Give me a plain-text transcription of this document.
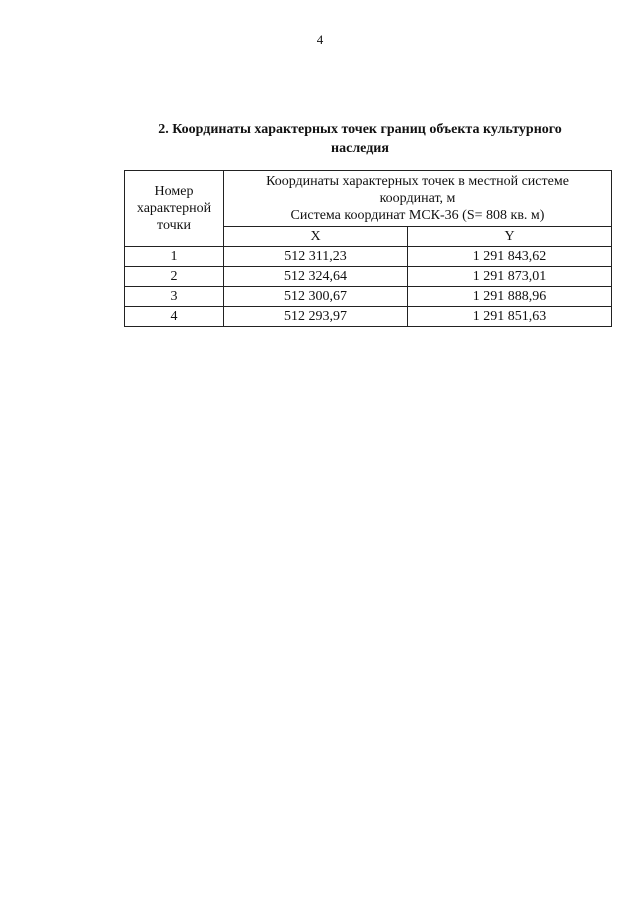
4
2. Координаты характерных точек границ объекта культурного
наследия
Номер
характерной
точки	Координаты характерных точек в местной системе
координат, м
Система координат МСК-36 (S= 808 кв. м)	

	X	Y
1	512 311,23	1 291 843,62
2	512 324,64	1 291 873,01
3	512 300,67	1 291 888,96
4	512 293,97	1 291 851,63
